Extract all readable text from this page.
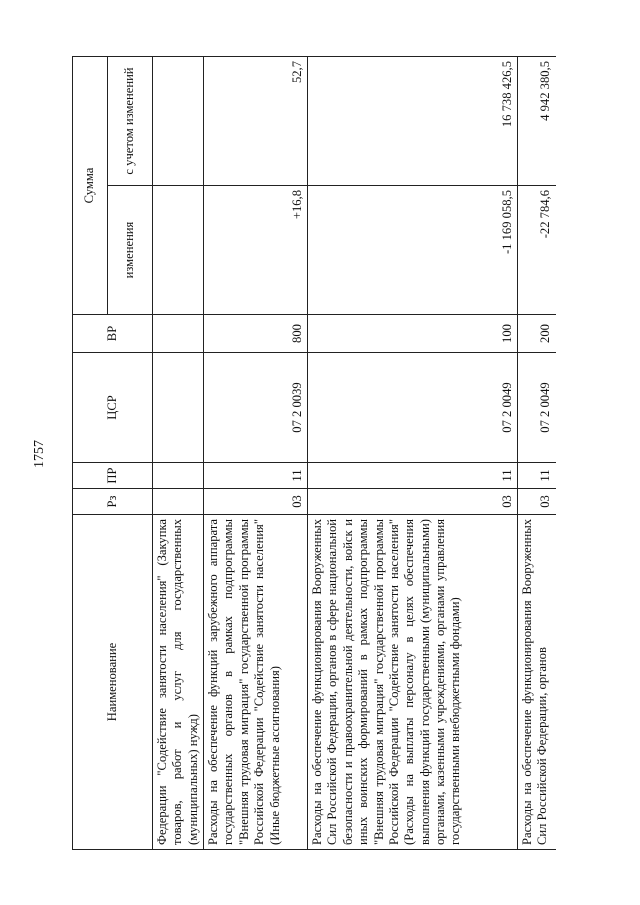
1757
Наименование	Рз	ПР	ЦСР	ВР	Сумма	
					изменения	с учетом изменений
Федерации "Содействие занятости населения" (Закупка товаров, работ и услуг для государственных (муниципальных) нужд)						
Расходы на обеспечение функций зарубежного аппарата государственных органов в рамках подпрограммы "Внешняя трудовая миграция" государственной программы Российской Федерации "Содействие занятости населения" (Иные бюджетные ассигнования)	03	11	07 2 0039	800	+16,8	52,7
Расходы на обеспечение функционирования Вооруженных Сил Российской Федерации, органов в сфере национальной безопасности и правоохранительной деятельности, войск и иных воинских формирований в рамках подпрограммы "Внешняя трудовая миграция" государственной программы Российской Федерации "Содействие занятости населения" (Расходы на выплаты персоналу в целях обеспечения выполнения функций государственными (муниципальными) органами, казенными учреждениями, органами управления государственными внебюджетными фондами)	03	11	07 2 0049	100	-1 169 058,5	16 738 426,5
Расходы на обеспечение функционирования Вооруженных Сил Российской Федерации, органов	03	11	07 2 0049	200	-22 784,6	4 942 380,5
